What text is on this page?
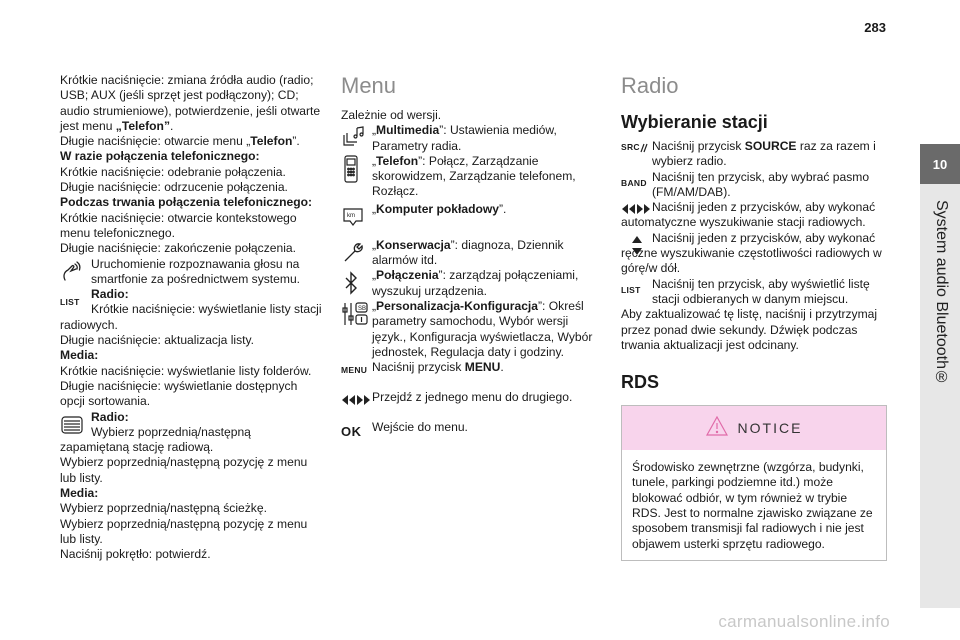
283
10
System audio Bluetooth®

Krótkie naciśnięcie: zmiana źródła audio (radio; USB; AUX (jeśli sprzęt jest podłączony); CD; audio strumieniowe), potwierdzenie, jeśli otwarte jest menu „Telefon”.

Długie naciśnięcie: otwarcie menu „Telefon”.

W razie połączenia telefonicznego:

Krótkie naciśnięcie: odebranie połączenia.

Długie naciśnięcie: odrzucenie połączenia.

Podczas trwania połączenia telefonicznego:

Krótkie naciśnięcie: otwarcie kontekstowego menu telefonicznego.

Długie naciśnięcie: zakończenie połączenia.

Uruchomienie rozpoznawania głosu na smartfonie za pośrednictwem systemu.
LIST
Radio:
Krótkie naciśnięcie: wyświetlanie listy stacji radiowych.

Długie naciśnięcie: aktualizacja listy.

Media:

Krótkie naciśnięcie: wyświetlanie listy folderów.

Długie naciśnięcie: wyświetlanie dostępnych opcji sortowania.

Radio:
Wybierz poprzednią/następną zapamiętaną stację radiową.

Wybierz poprzednią/następną pozycję z menu lub listy.

Media:

Wybierz poprzednią/następną ścieżkę.

Wybierz poprzednią/następną pozycję z menu lub listy.

Naciśnij pokrętło: potwierdź.

Menu

Zależnie od wersji.

„Multimedia”: Ustawienia mediów, Parametry radia.
„Telefon”: Połącz, Zarządzanie skorowidzem, Zarządzanie telefonem, Rozłącz.
km „Komputer pokładowy”.
„Konserwacja”: diagnoza, Dziennik alarmów itd.
„Połączenia”: zarządzaj połączeniami, wyszukuj urządzenia.
SB „Personalizacja-Konfiguracja”: Określ parametry samochodu, Wybór wersji język., Konfiguracja wyświetlacza, Wybór jednostek, Regulacja daty i godziny.
MENU Naciśnij przycisk MENU.
Przejdź z jednego menu do drugiego.
OK Wejście do menu.
Radio
Wybieranie stacji
SRC Naciśnij przycisk SOURCE raz za razem i wybierz radio.
BAND Naciśnij ten przycisk, aby wybrać pasmo (FM/AM/DAB).
Naciśnij jeden z przycisków, aby wykonać automatyczne wyszukiwanie stacji radiowych.
Naciśnij jeden z przycisków, aby wykonać ręczne wyszukiwanie częstotliwości radiowych w górę/w dół.
LIST Naciśnij ten przycisk, aby wyświetlić listę stacji odbieranych w danym miejscu.

Aby zaktualizować tę listę, naciśnij i przytrzymaj przez ponad dwie sekundy. Dźwięk podczas trwania aktualizacji jest odcinany.

RDS
NOTICE
Środowisko zewnętrzne (wzgórza, budynki, tunele, parkingi podziemne itd.) może blokować odbiór, w tym również w trybie RDS. Jest to normalne zjawisko związane ze sposobem transmisji fal radiowych i nie jest objawem usterki sprzętu radiowego.
carmanualsonline.info
